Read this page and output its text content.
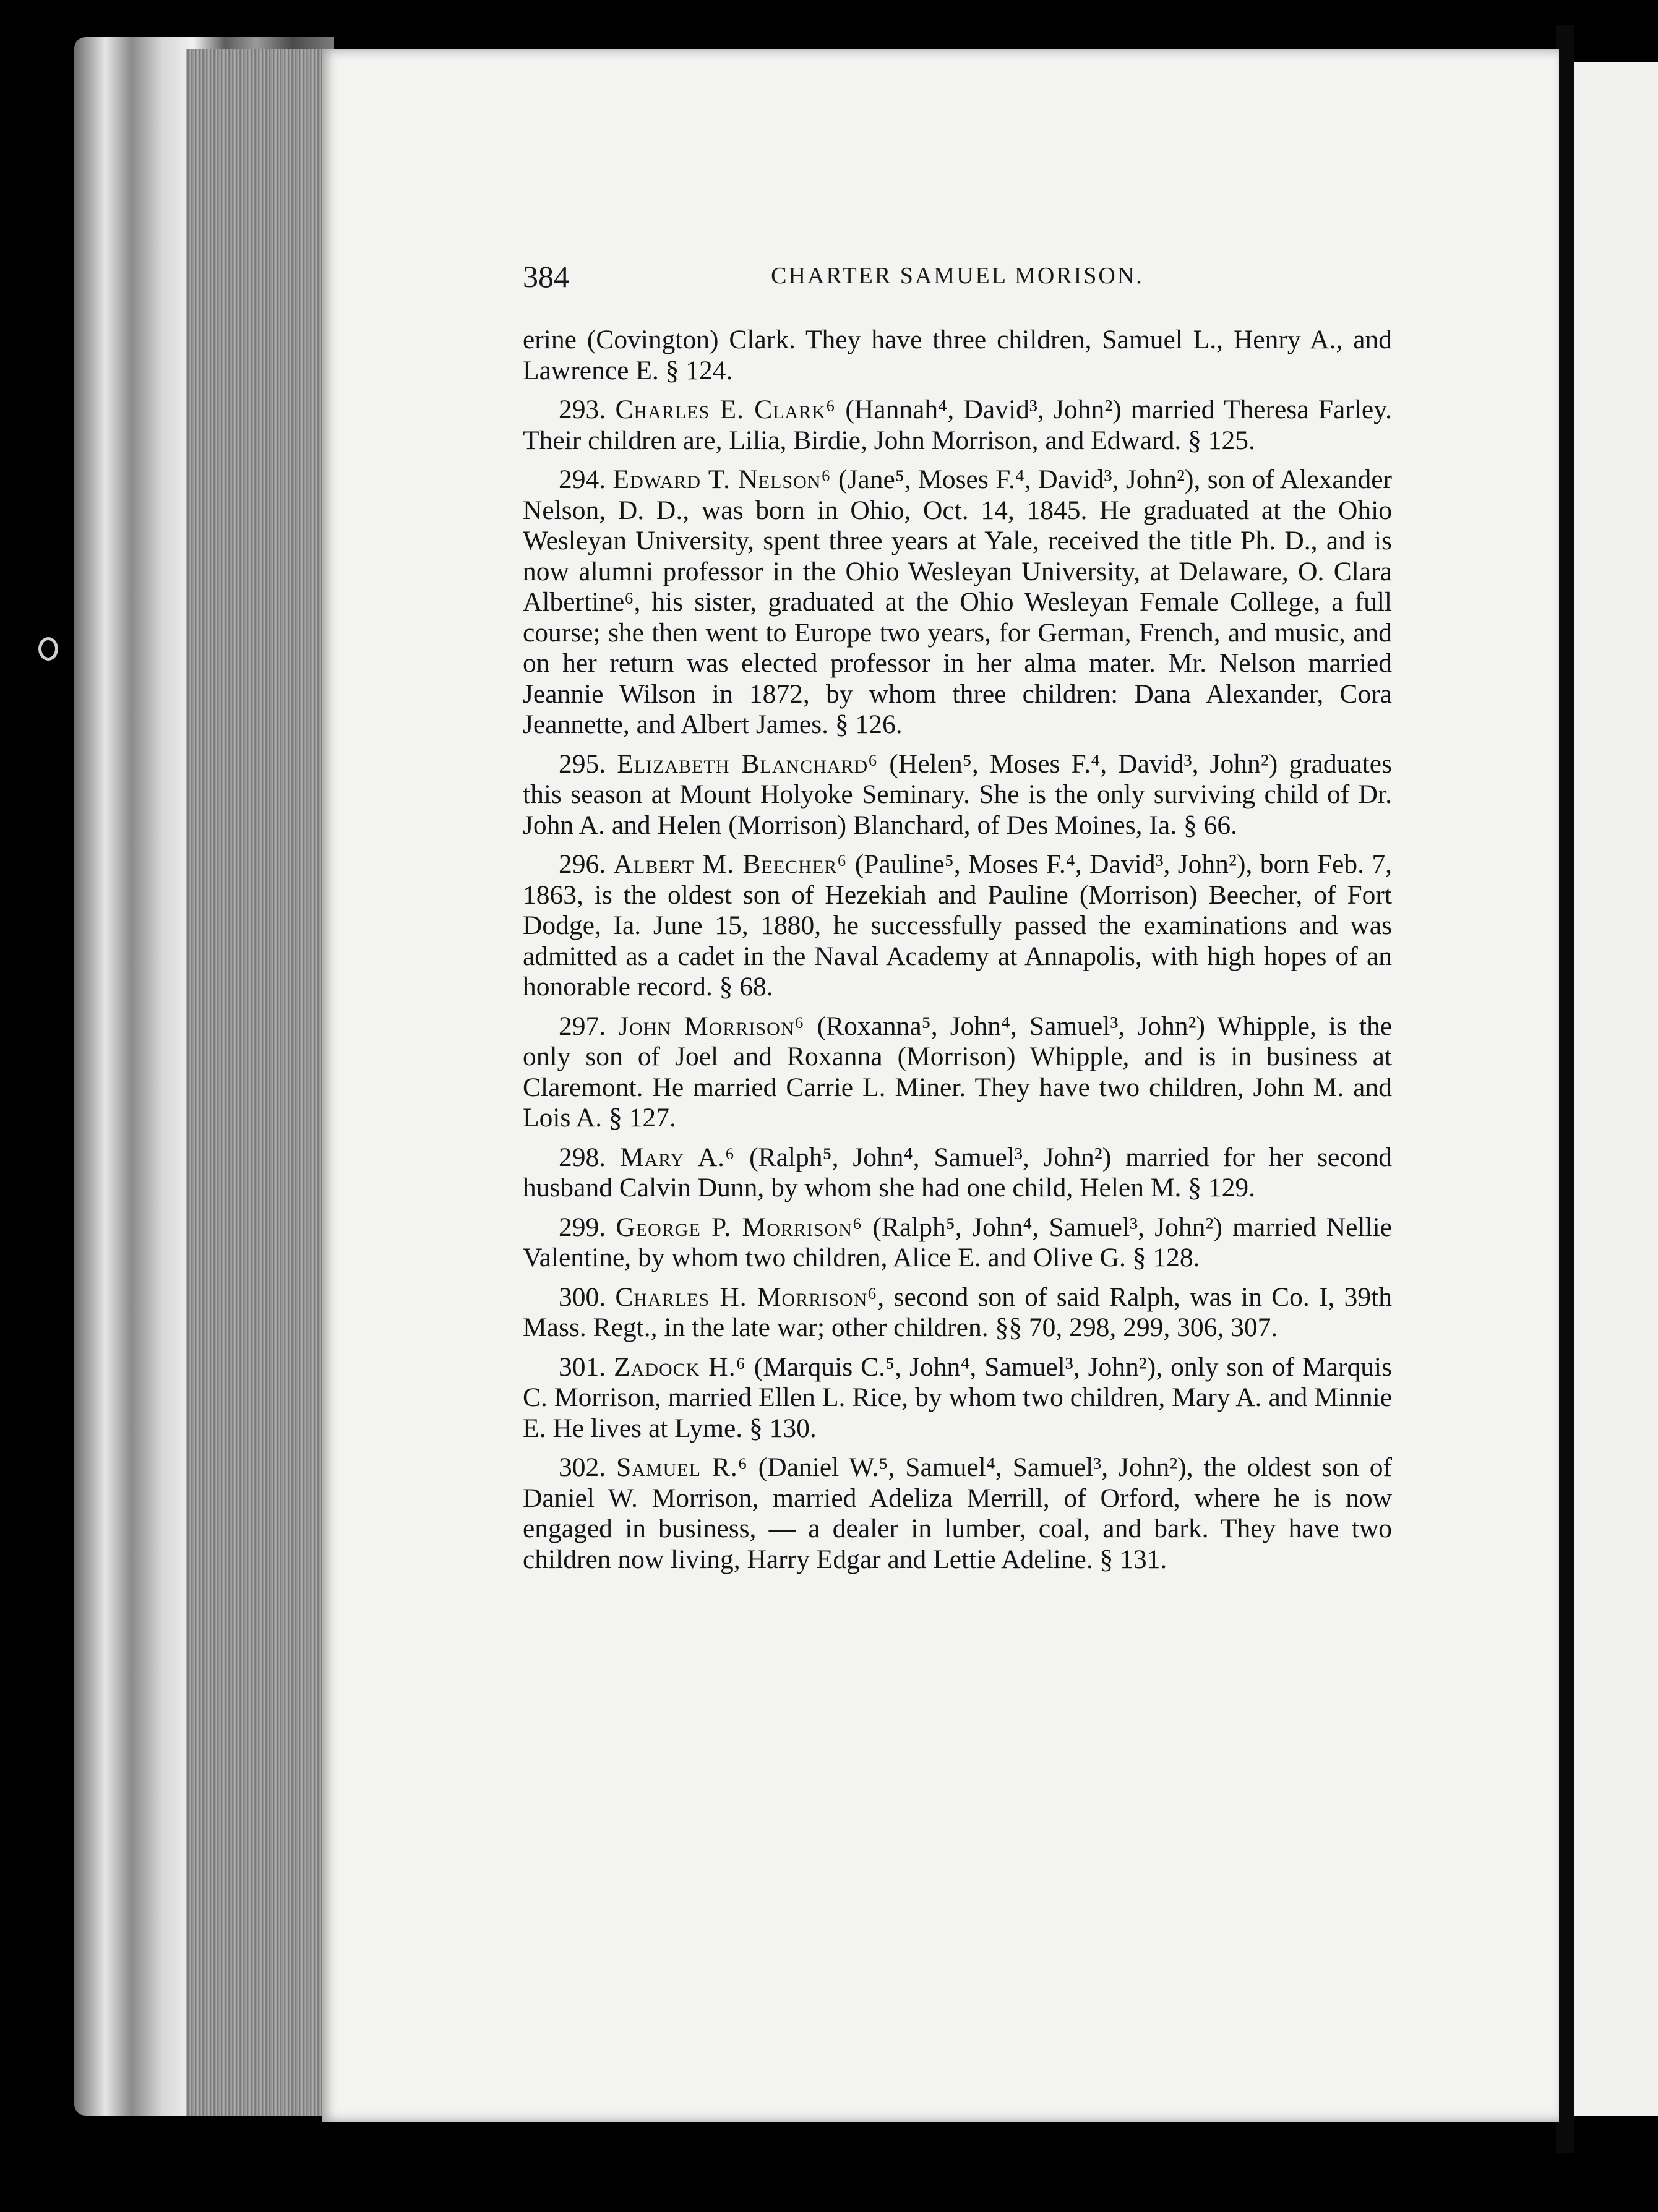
384	CHARTER SAMUEL MORISON.

erine (Covington) Clark. They have three children, Samuel L., Henry A., and Lawrence E. § 124.

293. Charles E. Clark⁶ (Hannah⁴, David³, John²) married Theresa Farley. Their children are, Lilia, Birdie, John Morrison, and Edward. § 125.

294. Edward T. Nelson⁶ (Jane⁵, Moses F.⁴, David³, John²), son of Alexander Nelson, D. D., was born in Ohio, Oct. 14, 1845. He graduated at the Ohio Wesleyan University, spent three years at Yale, received the title Ph. D., and is now alumni professor in the Ohio Wesleyan University, at Delaware, O. Clara Albertine⁶, his sister, graduated at the Ohio Wesleyan Female College, a full course; she then went to Europe two years, for German, French, and music, and on her return was elected professor in her alma mater. Mr. Nelson married Jeannie Wilson in 1872, by whom three children: Dana Alexander, Cora Jeannette, and Albert James. § 126.

295. Elizabeth Blanchard⁶ (Helen⁵, Moses F.⁴, David³, John²) graduates this season at Mount Holyoke Seminary. She is the only surviving child of Dr. John A. and Helen (Morrison) Blanchard, of Des Moines, Ia. § 66.

296. Albert M. Beecher⁶ (Pauline⁵, Moses F.⁴, David³, John²), born Feb. 7, 1863, is the oldest son of Hezekiah and Pauline (Morrison) Beecher, of Fort Dodge, Ia. June 15, 1880, he successfully passed the examinations and was admitted as a cadet in the Naval Academy at Annapolis, with high hopes of an honorable record. § 68.

297. John Morrison⁶ (Roxanna⁵, John⁴, Samuel³, John²) Whipple, is the only son of Joel and Roxanna (Morrison) Whipple, and is in business at Claremont. He married Carrie L. Miner. They have two children, John M. and Lois A. § 127.

298. Mary A.⁶ (Ralph⁵, John⁴, Samuel³, John²) married for her second husband Calvin Dunn, by whom she had one child, Helen M. § 129.

299. George P. Morrison⁶ (Ralph⁵, John⁴, Samuel³, John²) married Nellie Valentine, by whom two children, Alice E. and Olive G. § 128.

300. Charles H. Morrison⁶, second son of said Ralph, was in Co. I, 39th Mass. Regt., in the late war; other children. §§ 70, 298, 299, 306, 307.

301. Zadock H.⁶ (Marquis C.⁵, John⁴, Samuel³, John²), only son of Marquis C. Morrison, married Ellen L. Rice, by whom two children, Mary A. and Minnie E. He lives at Lyme. § 130.

302. Samuel R.⁶ (Daniel W.⁵, Samuel⁴, Samuel³, John²), the oldest son of Daniel W. Morrison, married Adeliza Merrill, of Orford, where he is now engaged in business, — a dealer in lumber, coal, and bark. They have two children now living, Harry Edgar and Lettie Adeline. § 131.
